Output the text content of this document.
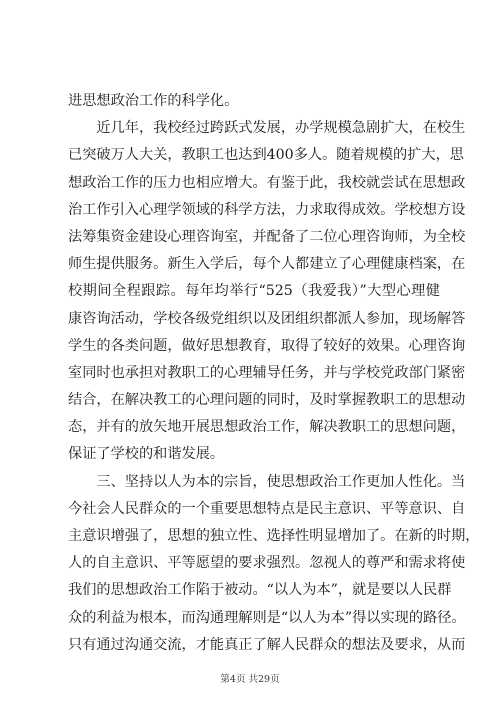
进思想政治工作的科学化。
　　近几年，我校经过跨跃式发展，办学规模急剧扩大，在校生
已突破万人大关，教职工也达到400多人。随着规模的扩大，思
想政治工作的压力也相应增大。有鉴于此，我校就尝试在思想政
治工作引入心理学领域的科学方法，力求取得成效。学校想方设
法筹集资金建设心理咨询室，并配备了二位心理咨询师，为全校
师生提供服务。新生入学后，每个人都建立了心理健康档案，在
校期间全程跟踪。每年均举行“525（我爱我）”大型心理健
康咨询活动，学校各级党组织以及团组织都派人参加，现场解答
学生的各类问题，做好思想教育，取得了较好的效果。心理咨询
室同时也承担对教职工的心理辅导任务，并与学校党政部门紧密
结合，在解决教工的心理问题的同时，及时掌握教职工的思想动
态，并有的放矢地开展思想政治工作，解决教职工的思想问题，
保证了学校的和谐发展。
　　三、坚持以人为本的宗旨，使思想政治工作更加人性化。当
今社会人民群众的一个重要思想特点是民主意识、平等意识、自
主意识增强了，思想的独立性、选择性明显增加了。在新的时期，
人的自主意识、平等愿望的要求强烈。忽视人的尊严和需求将使
我们的思想政治工作陷于被动。“以人为本”，就是要以人民群
众的利益为根本，而沟通理解则是“以人为本”得以实现的路径。
只有通过沟通交流，才能真正了解人民群众的想法及要求，从而
第4页 共29页
